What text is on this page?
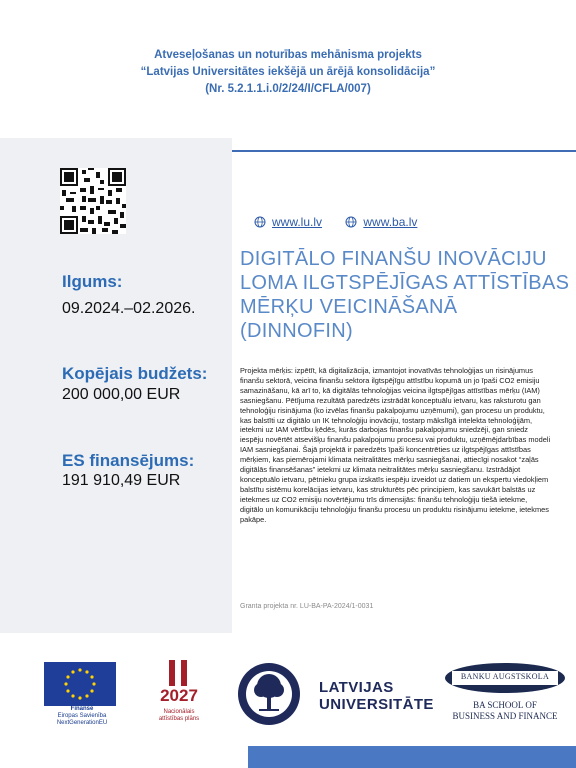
Atveseļošanas un noturības mehānisma projekts
“Latvijas Universitātes iekšējā un ārējā konsolidācija”
(Nr. 5.2.1.1.i.0/2/24/I/CFLA/007)
www.lu.lv
	www.ba.lv
Ilgums:
09.2024.–02.2026.
Kopējais budžets:
200 000,00 EUR
ES finansējums:
191 910,49 EUR
DIGITĀLO FINANŠU INOVĀCIJU
LOMA ILGTSPĒJĪGAS ATTĪSTĪBAS
MĒRĶU VEICINĀŠANĀ
(DINNOFIN)
Projekta mērķis: izpētīt, kā digitalizācija, izmantojot inovatīvās tehnoloģijas un risinājumus finanšu sektorā, veicina finanšu sektora ilgtspējīgu attīstību kopumā un jo īpaši CO2 emisiju samazināšanu, kā arī to, kā digitālās tehnoloģijas veicina ilgtspējīgas attīstības mērķu (IAM) sasniegšanu. Pētījuma rezultātā paredzēts izstrādāt konceptuālu ietvaru, kas raksturotu gan tehnoloģiju risinājuma (ko izvēlas finanšu pakalpojumu uzņēmumi), gan procesu un produktu, kas balstīti uz digitālo un IK tehnoloģiju inovāciju, tostarp mākslīgā intelekta tehnoloģijām, ietekmi uz IAM vērtību ķēdēs, kurās darbojas finanšu pakalpojumu sniedzēji, gan sniedz iespēju novērtēt atsevišķu finanšu pakalpojumu procesu vai produktu, uzņēmējdarbības modeli IAM sasniegšanai. Šajā projektā ir paredzēts īpaši koncentrēties uz ilgtspējīgas attīstības mērķiem, kas piemērojami klimata neitralitātes mērķu sasniegšanai, attiecīgi nosakot “zaļās digitālās finansēšanas” ietekmi uz klimata neitralitātes mērķu sasniegšanu. Izstrādājot konceptuālo ietvaru, pētnieku grupa izskatīs iespēju izveidot uz datiem un ekspertu viedokļiem balstītu sistēmu korelācijas ietvaru, kas strukturēts pēc principiem, kas savukārt balstās uz ietekmes uz CO2 emisiju novērtējumu trīs dimensijās: finanšu tehnoloģiju tiešā ietekme, digitālo un komunikāciju tehnoloģiju finanšu procesu un produktu risinājumu ietekme, ietekmes pakāpe.
Granta projekta nr. LU-BA-PA-2024/1-0031
Finansē
Eiropas Savienība
NextGenerationEU
2027
Nacionālais
attīstības plāns
LATVIJAS
UNIVERSITĀTE
BANKU AUGSTSKOLA
BA SCHOOL OF
BUSINESS AND FINANCE
